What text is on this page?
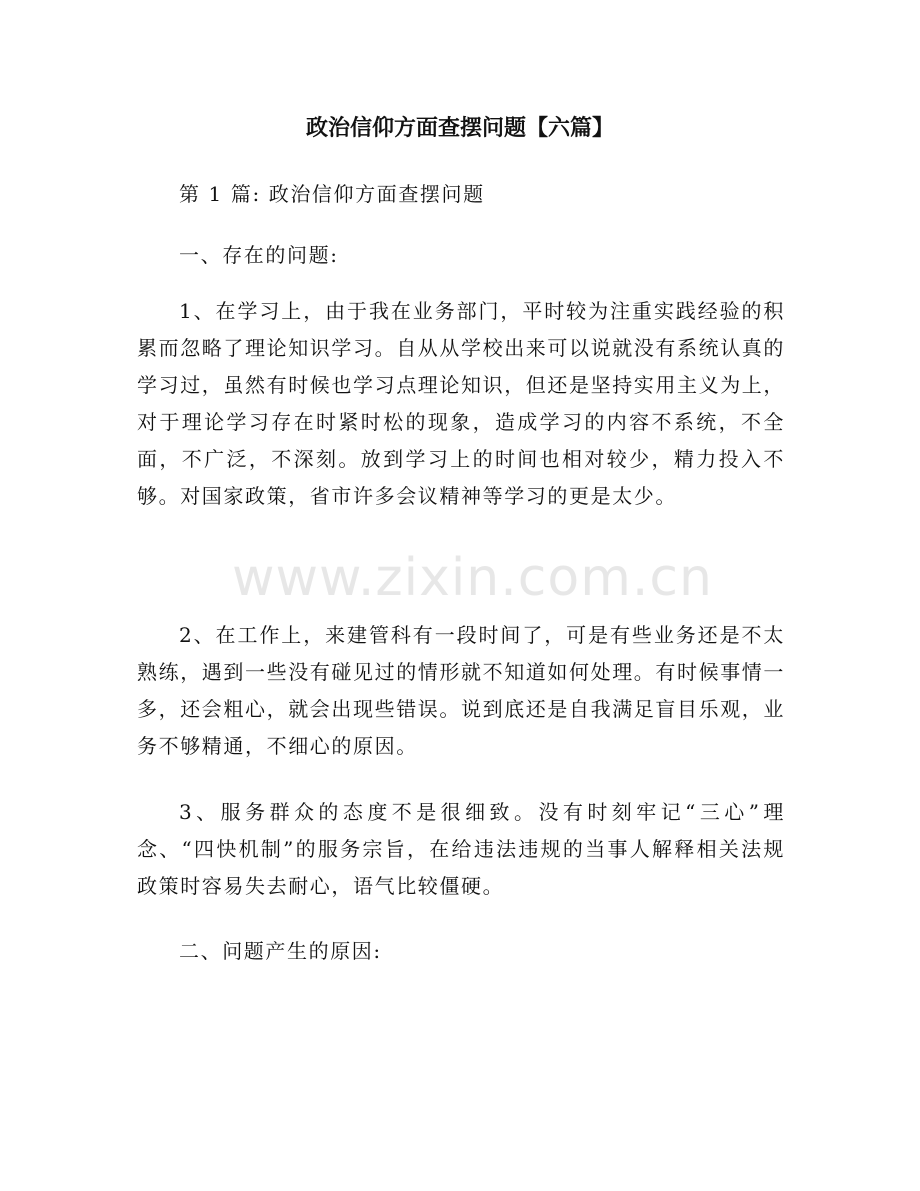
政治信仰方面查摆问题【六篇】

第 1 篇: 政治信仰方面查摆问题

一、存在的问题:

1、在学习上，由于我在业务部门，平时较为注重实践经验的积累而忽略了理论知识学习。自从从学校出来可以说就没有系统认真的学习过，虽然有时候也学习点理论知识，但还是坚持实用主义为上，对于理论学习存在时紧时松的现象，造成学习的内容不系统，不全面，不广泛，不深刻。放到学习上的时间也相对较少，精力投入不够。对国家政策，省市许多会议精神等学习的更是太少。

2、在工作上，来建管科有一段时间了，可是有些业务还是不太熟练，遇到一些没有碰见过的情形就不知道如何处理。有时候事情一多，还会粗心，就会出现些错误。说到底还是自我满足盲目乐观，业务不够精通，不细心的原因。

3、服务群众的态度不是很细致。没有时刻牢记“三心”理念、“四快机制”的服务宗旨，在给违法违规的当事人解释相关法规政策时容易失去耐心，语气比较僵硬。

二、问题产生的原因:

www.zixin.com.cn
